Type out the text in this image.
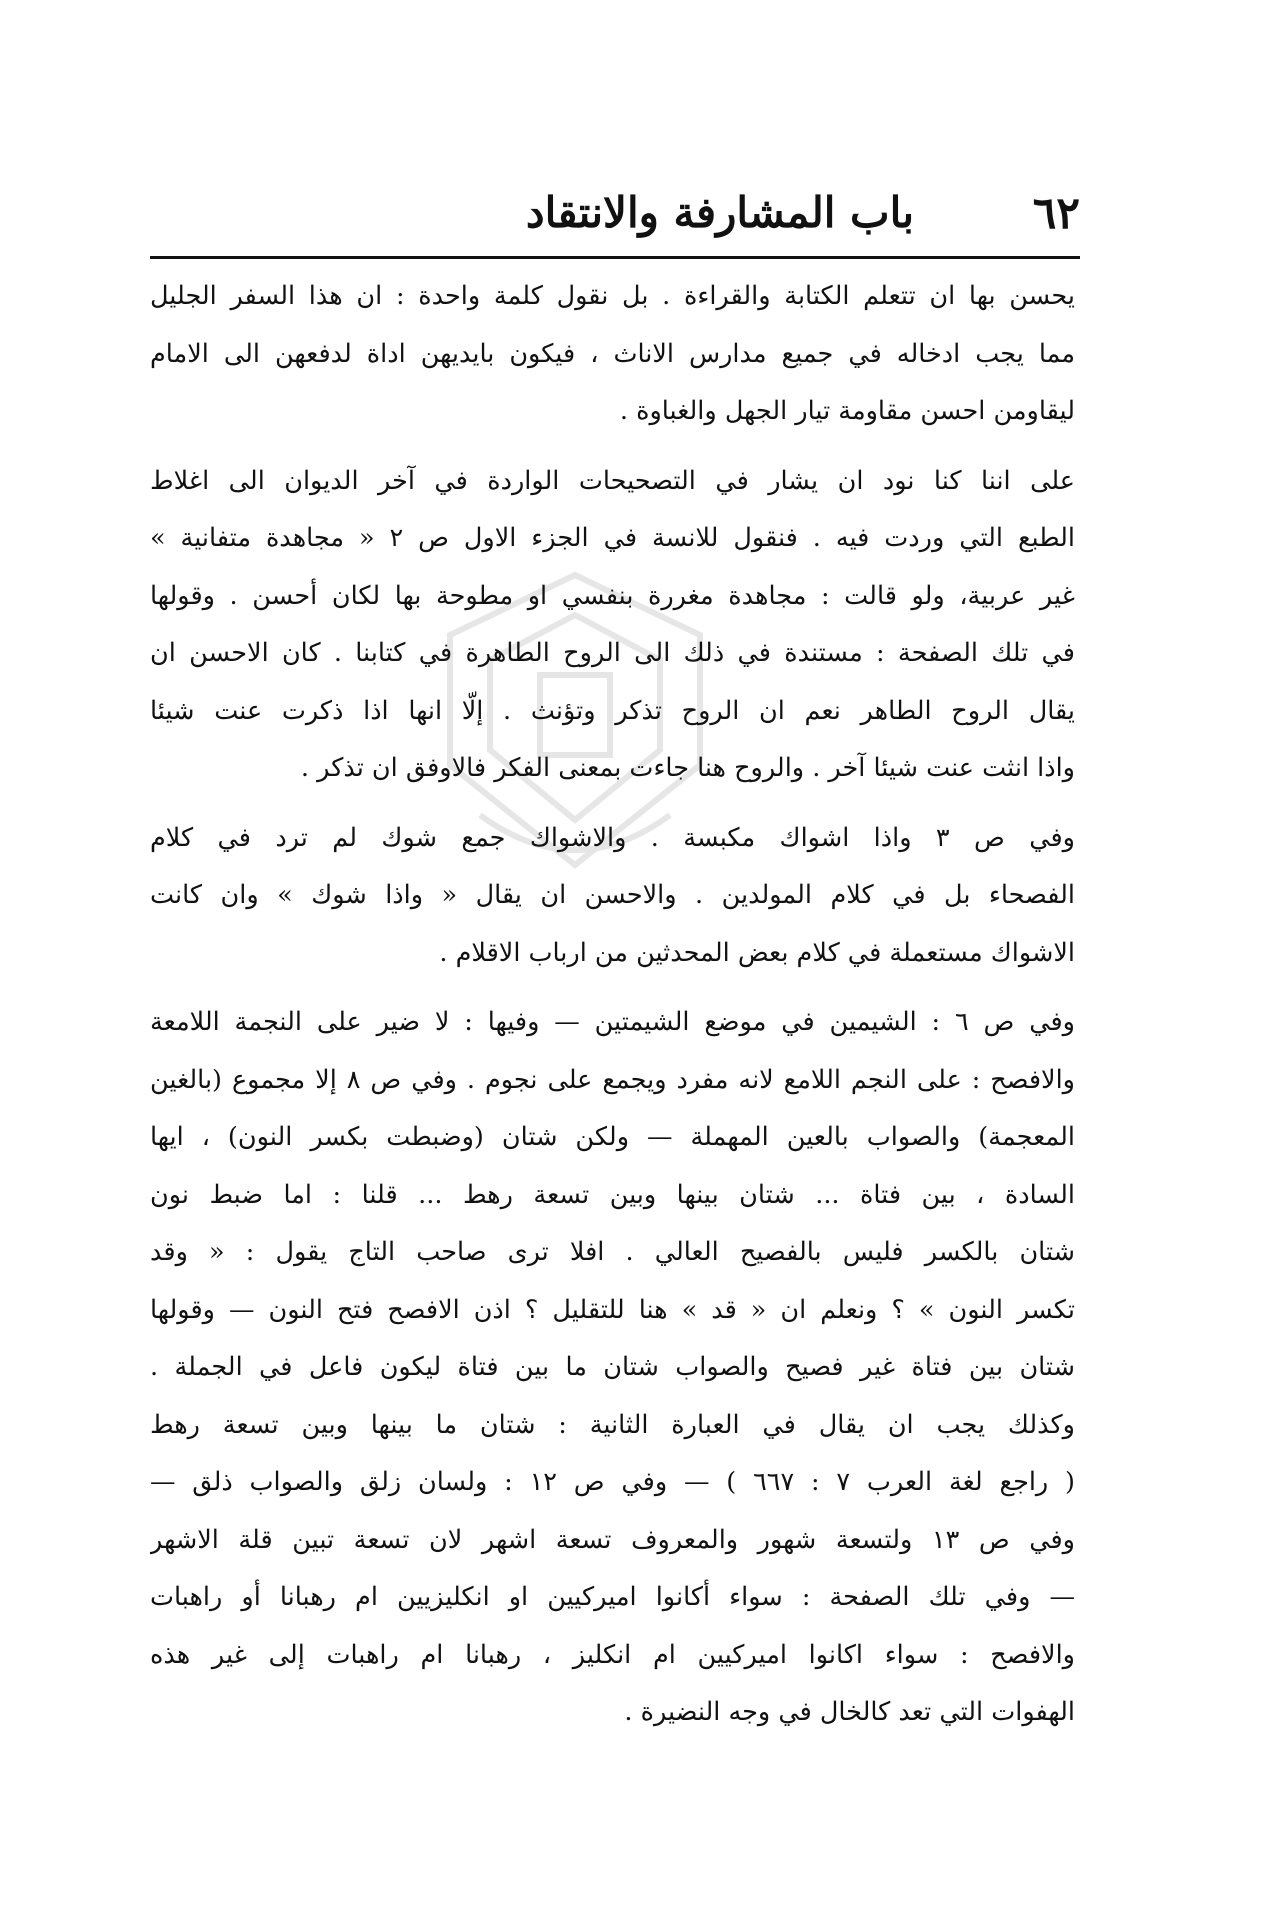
٦٢
باب المشارفة والانتقاد
يحسن بها ان تتعلم الكتابة والقراءة . بل نقول كلمة واحدة : ان هذا السفر الجليل
مما يجب ادخاله في جميع مدارس الاناث ، فيكون بايديهن اداة لدفعهن الى الامام
ليقاومن احسن مقاومة تيار الجهل والغباوة .
على اننا كنا نود ان يشار في التصحيحات الواردة في آخر الديوان الى اغلاط
الطبع التي وردت فيه . فنقول للانسة في الجزء الاول ص ٢ « مجاهدة متفانية »
غير عربية، ولو قالت : مجاهدة مغررة بنفسي او مطوحة بها لكان أحسن . وقولها
في تلك الصفحة : مستندة في ذلك الى الروح الطاهرة في كتابنا . كان الاحسن ان
يقال الروح الطاهر نعم ان الروح تذكر وتؤنث . إلّا انها اذا ذكرت عنت شيئا
واذا انثت عنت شيئا آخر . والروح هنا جاءت بمعنى الفكر فالاوفق ان تذكر .
وفي ص ٣ واذا اشواك مكبسة . والاشواك جمع شوك لم ترد في كلام
الفصحاء بل في كلام المولدين . والاحسن ان يقال « واذا شوك » وان كانت
الاشواك مستعملة في كلام بعض المحدثين من ارباب الاقلام .
وفي ص ٦ : الشيمين في موضع الشيمتين — وفيها : لا ضير على النجمة اللامعة
والافصح : على النجم اللامع لانه مفرد ويجمع على نجوم . وفي ص ٨ إلا مجموع (بالغين
المعجمة) والصواب بالعين المهملة — ولكن شتان (وضبطت بكسر النون) ، ايها
السادة ، بين فتاة ... شتان بينها وبين تسعة رهط ... قلنا : اما ضبط نون
شتان بالكسر فليس بالفصيح العالي . افلا ترى صاحب التاج يقول : « وقد
تكسر النون » ؟ ونعلم ان « قد » هنا للتقليل ؟ اذن الافصح فتح النون — وقولها
شتان بين فتاة غير فصيح والصواب شتان ما بين فتاة ليكون فاعل في الجملة .
وكذلك يجب ان يقال في العبارة الثانية : شتان ما بينها وبين تسعة رهط
( راجع لغة العرب ٧ : ٦٦٧ ) — وفي ص ١٢ : ولسان زلق والصواب ذلق —
وفي ص ١٣ ولتسعة شهور والمعروف تسعة اشهر لان تسعة تبين قلة الاشهر
— وفي تلك الصفحة : سواء أكانوا اميركيين او انكليزيين ام رهبانا أو راهبات
والافصح : سواء اكانوا اميركيين ام انكليز ، رهبانا ام راهبات إلى غير هذه
الهفوات التي تعد كالخال في وجه النضيرة .
